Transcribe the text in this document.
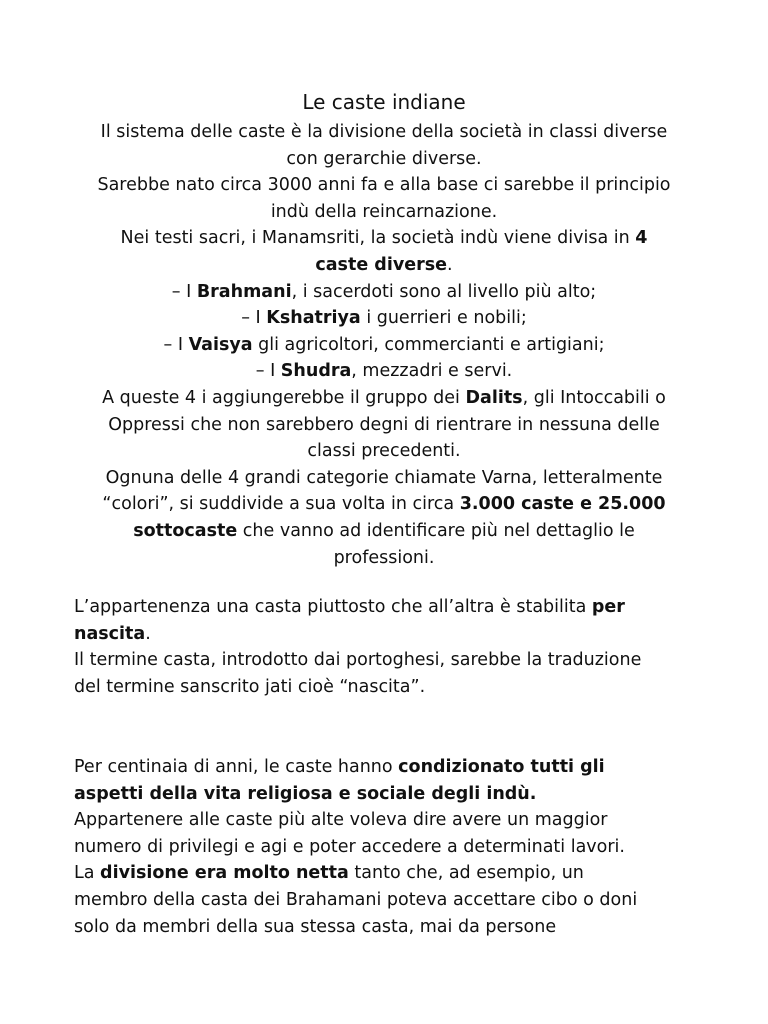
Le caste indiane
Il sistema delle caste è la divisione della società in classi diverse
con gerarchie diverse.
Sarebbe nato circa 3000 anni fa e alla base ci sarebbe il principio
indù della reincarnazione.
Nei testi sacri, i Manamsriti, la società indù viene divisa in 4
caste diverse.
– I Brahmani, i sacerdoti sono al livello più alto;
– I Kshatriya i guerrieri e nobili;
– I Vaisya gli agricoltori, commercianti e artigiani;
– I Shudra, mezzadri e servi.
A queste 4 i aggiungerebbe il gruppo dei Dalits, gli Intoccabili o
Oppressi che non sarebbero degni di rientrare in nessuna delle
classi precedenti.
Ognuna delle 4 grandi categorie chiamate Varna, letteralmente
“colori”, si suddivide a sua volta in circa 3.000 caste e 25.000
sottocaste che vanno ad identificare più nel dettaglio le
professioni.
L’appartenenza una casta piuttosto che all’altra è stabilita per
nascita.
Il termine casta, introdotto dai portoghesi, sarebbe la traduzione
del termine sanscrito jati cioè “nascita”.
Per centinaia di anni, le caste hanno condizionato tutti gli
aspetti della vita religiosa e sociale degli indù.
Appartenere alle caste più alte voleva dire avere un maggior
numero di privilegi e agi e poter accedere a determinati lavori.
La divisione era molto netta tanto che, ad esempio, un
membro della casta dei Brahamani poteva accettare cibo o doni
solo da membri della sua stessa casta, mai da persone
